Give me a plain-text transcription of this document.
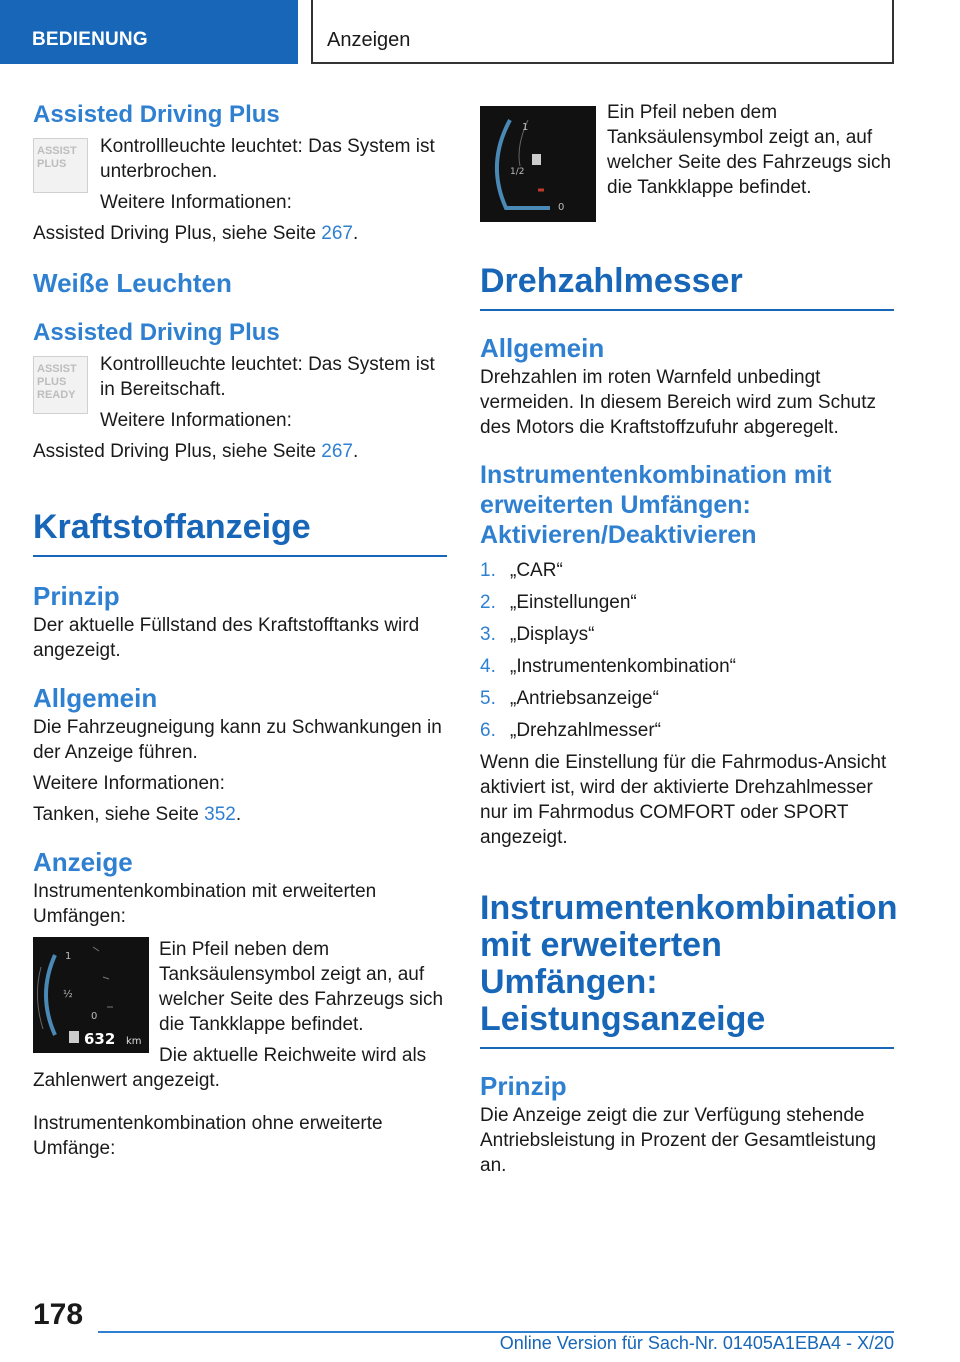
BEDIENUNG	Anzeigen
Assisted Driving Plus
ASSIST PLUS

Kontrollleuchte leuchtet: Das System ist unterbrochen.

Weitere Informationen:

Assisted Driving Plus, siehe Seite 267.

Weiße Leuchten
Assisted Driving Plus
ASSIST PLUS READY

Kontrollleuchte leuchtet: Das System ist in Bereitschaft.

Weitere Informationen:

Assisted Driving Plus, siehe Seite 267.

Kraftstoffanzeige
Prinzip

Der aktuelle Füllstand des Kraftstofftanks wird angezeigt.

Allgemein

Die Fahrzeugneigung kann zu Schwankungen in der Anzeige führen.

Weitere Informationen:

Tanken, siehe Seite 352.

Anzeige

Instrumentenkombination mit erweiterten Umfängen:

1
½
0
632 km

Ein Pfeil neben dem Tanksäulensymbol zeigt an, auf welcher Seite des Fahrzeugs sich die Tankklappe befindet.

Die aktuelle Reichweite wird als Zahlenwert angezeigt.

Instrumentenkombination ohne erweiterte Umfänge:

1
1/2
0

Ein Pfeil neben dem Tanksäulensymbol zeigt an, auf welcher Seite des Fahrzeugs sich die Tankklappe befindet.

Drehzahlmesser
Allgemein

Drehzahlen im roten Warnfeld unbedingt vermeiden. In diesem Bereich wird zum Schutz des Motors die Kraftstoffzufuhr abgeregelt.

Instrumentenkombination mit erweiterten Umfängen: Aktivieren/Deaktivieren
1. „CAR“
2. „Einstellungen“
3. „Displays“
4. „Instrumentenkombination“
5. „Antriebsanzeige“
6. „Drehzahlmesser“

Wenn die Einstellung für die Fahrmodus-Ansicht aktiviert ist, wird der aktivierte Drehzahlmesser nur im Fahrmodus COMFORT oder SPORT angezeigt.

Instrumentenkombination mit erweiterten Umfängen: Leistungsanzeige
Prinzip

Die Anzeige zeigt die zur Verfügung stehende Antriebsleistung in Prozent der Gesamtleistung an.

178
Online Version für Sach-Nr. 01405A1EBA4 - X/20
